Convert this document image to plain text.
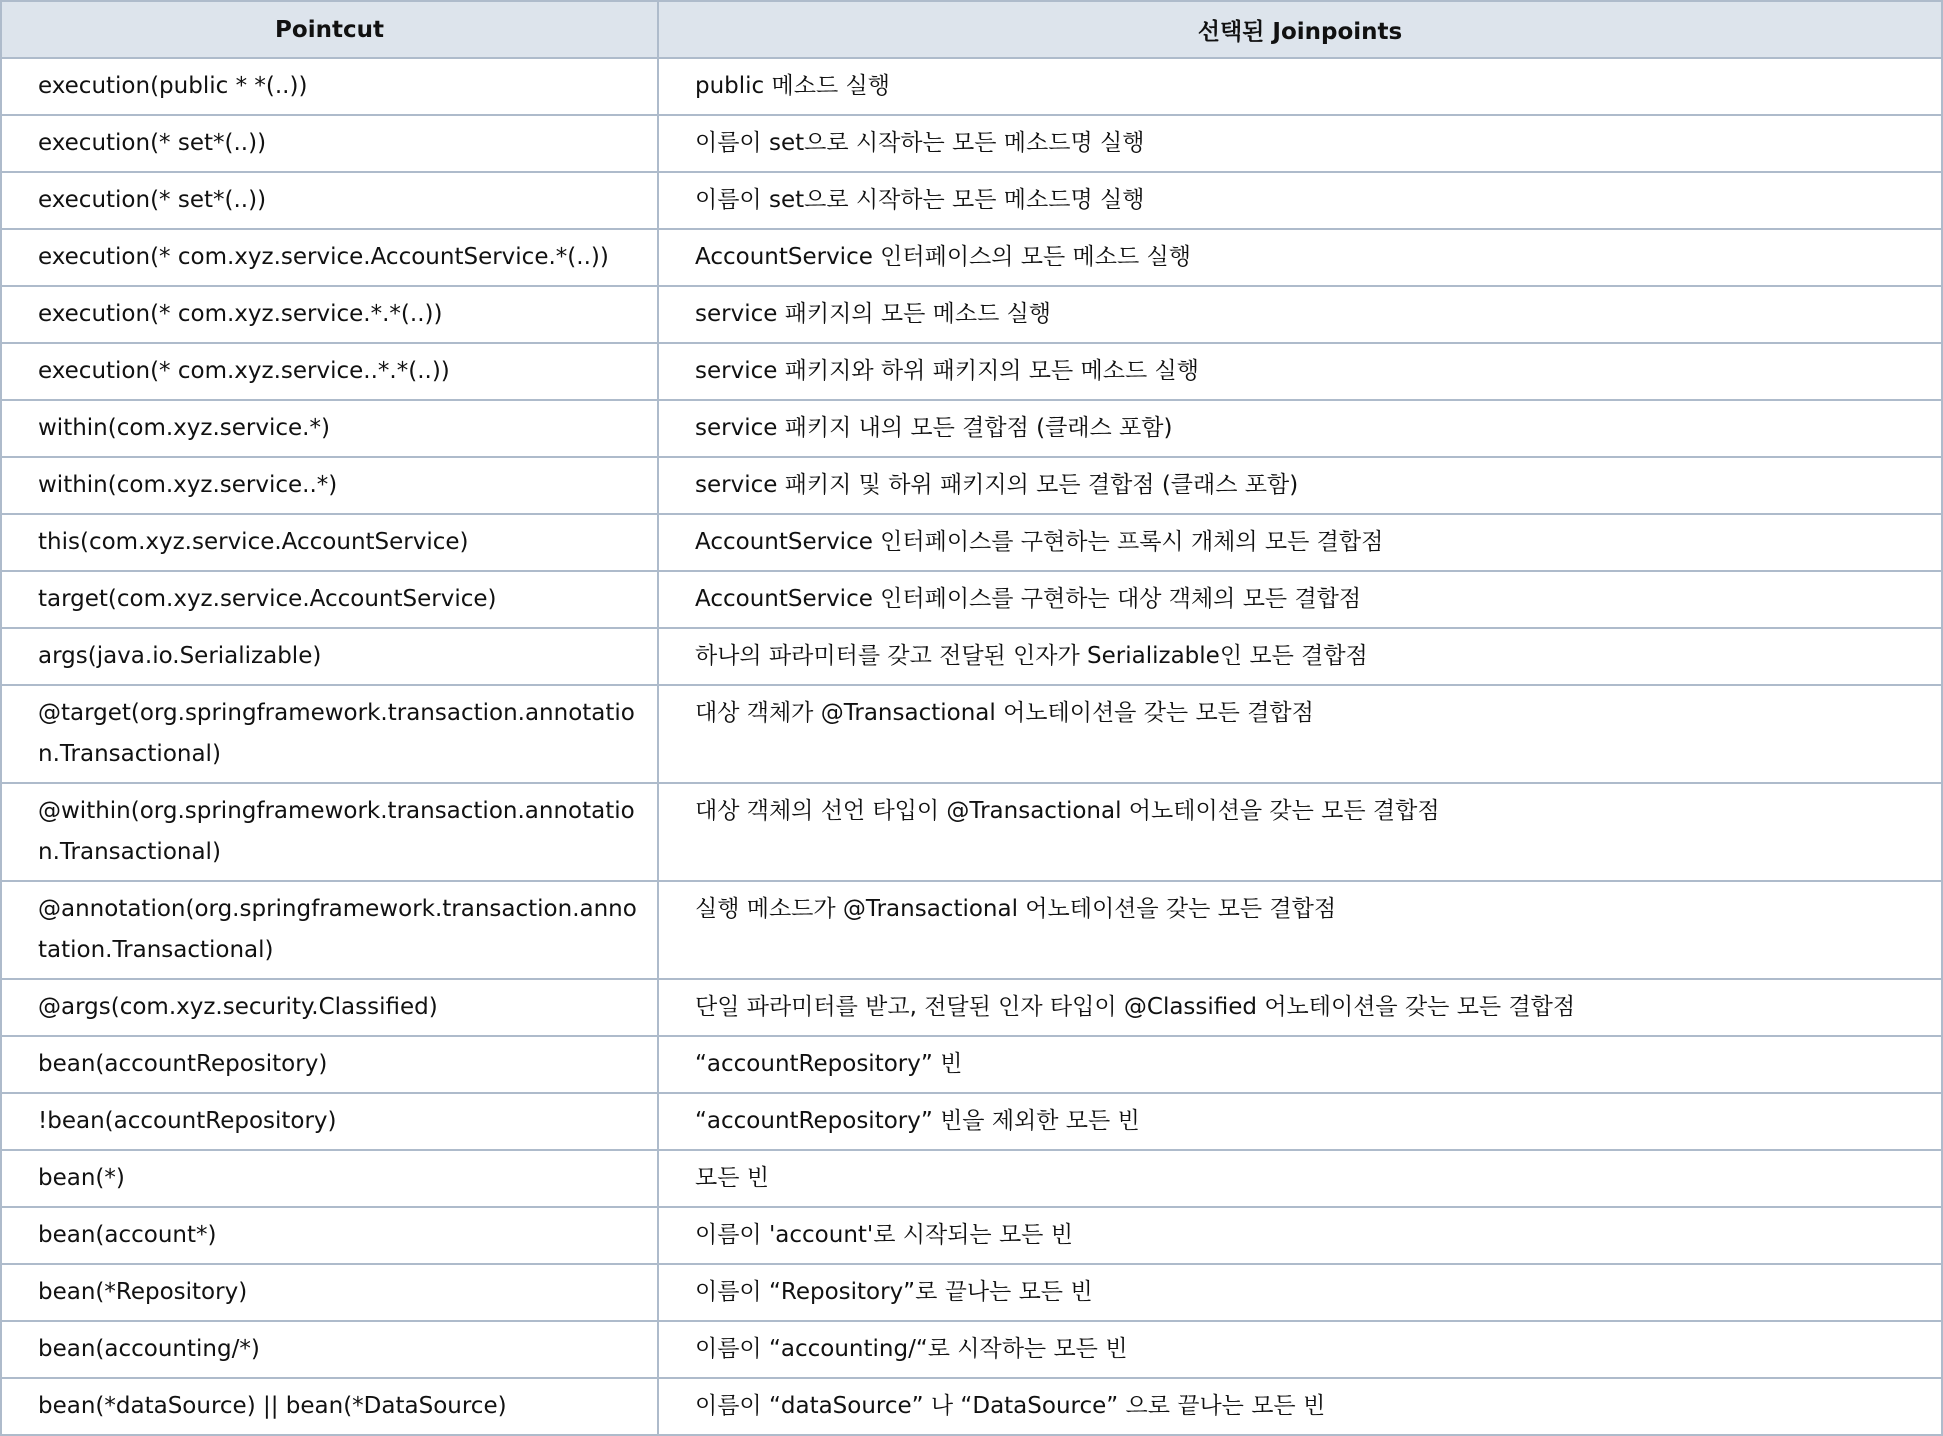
Pointcut	선택된 Joinpoints
execution(public * *(..))	public 메소드 실행
execution(* set*(..))	이름이 set으로 시작하는 모든 메소드명 실행
execution(* set*(..))	이름이 set으로 시작하는 모든 메소드명 실행
execution(* com.xyz.service.AccountService.*(..))	AccountService 인터페이스의 모든 메소드 실행
execution(* com.xyz.service.*.*(..))	service 패키지의 모든 메소드 실행
execution(* com.xyz.service..*.*(..))	service 패키지와 하위 패키지의 모든 메소드 실행
within(com.xyz.service.*)	service 패키지 내의 모든 결합점 (클래스 포함)
within(com.xyz.service..*)	service 패키지 및 하위 패키지의 모든 결합점 (클래스 포함)
this(com.xyz.service.AccountService)	AccountService 인터페이스를 구현하는 프록시 개체의 모든 결합점
target(com.xyz.service.AccountService)	AccountService 인터페이스를 구현하는 대상 객체의 모든 결합점
args(java.io.Serializable)	하나의 파라미터를 갖고 전달된 인자가 Serializable인 모든 결합점
@target(org.springframework.transaction.annotation.Transactional)	대상 객체가 @Transactional 어노테이션을 갖는 모든 결합점
@within(org.springframework.transaction.annotation.Transactional)	대상 객체의 선언 타입이 @Transactional 어노테이션을 갖는 모든 결합점
@annotation(org.springframework.transaction.annotation.Transactional)	실행 메소드가 @Transactional 어노테이션을 갖는 모든 결합점
@args(com.xyz.security.Classified)	단일 파라미터를 받고, 전달된 인자 타입이 @Classified 어노테이션을 갖는 모든 결합점
bean(accountRepository)	“accountRepository” 빈
!bean(accountRepository)	“accountRepository” 빈을 제외한 모든 빈
bean(*)	모든 빈
bean(account*)	이름이 'account'로 시작되는 모든 빈
bean(*Repository)	이름이 “Repository”로 끝나는 모든 빈
bean(accounting/*)	이름이 “accounting/“로 시작하는 모든 빈
bean(*dataSource) || bean(*DataSource)	이름이 “dataSource” 나 “DataSource” 으로 끝나는 모든 빈
